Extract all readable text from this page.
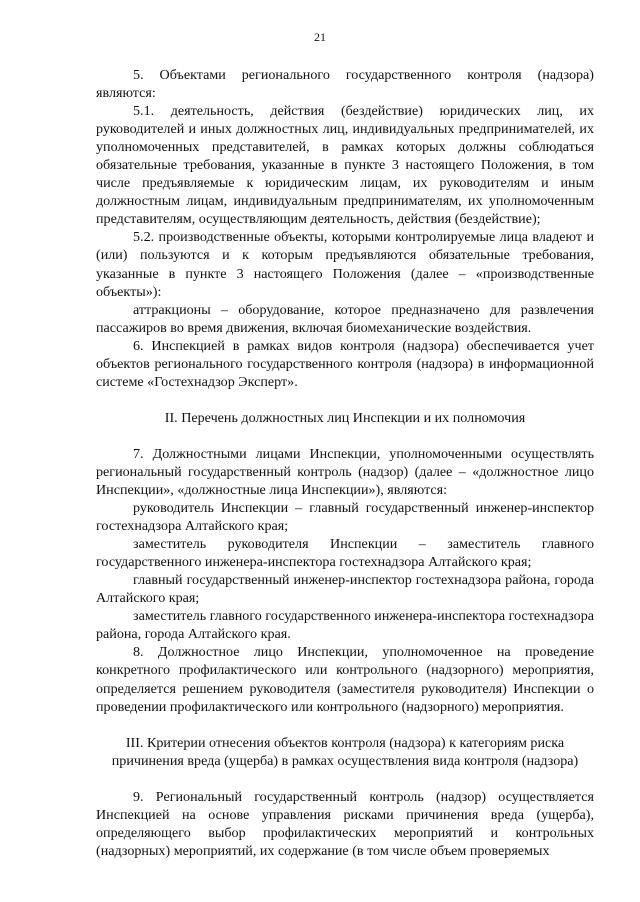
21

5. Объектами регионального государственного контроля (надзора) являются:

5.1. деятельность, действия (бездействие) юридических лиц, их руководителей и иных должностных лиц, индивидуальных предпринимателей, их уполномоченных представителей, в рамках которых должны соблюдаться обязательные требования, указанные в пункте 3 настоящего Положения, в том числе предъявляемые к юридическим лицам, их руководителям и иным должностным лицам, индивидуальным предпринимателям, их уполномоченным представителям, осуществляющим деятельность, действия (бездействие);

5.2. производственные объекты, которыми контролируемые лица владеют и (или) пользуются и к которым предъявляются обязательные требования, указанные в пункте 3 настоящего Положения (далее – «производственные объекты»):

аттракционы – оборудование, которое предназначено для развлечения пассажиров во время движения, включая биомеханические воздействия.

6. Инспекцией в рамках видов контроля (надзора) обеспечивается учет объектов регионального государственного контроля (надзора) в информационной системе «Гостехнадзор Эксперт».

II. Перечень должностных лиц Инспекции и их полномочия

7. Должностными лицами Инспекции, уполномоченными осуществлять региональный государственный контроль (надзор) (далее – «должностное лицо Инспекции», «должностные лица Инспекции»), являются:

руководитель Инспекции – главный государственный инженер-инспектор гостехнадзора Алтайского края;

заместитель руководителя Инспекции – заместитель главного государственного инженера-инспектора гостехнадзора Алтайского края;

главный государственный инженер-инспектор гостехнадзора района, города Алтайского края;

заместитель главного государственного инженера-инспектора гостехнадзора района, города Алтайского края.

8. Должностное лицо Инспекции, уполномоченное на проведение конкретного профилактического или контрольного (надзорного) мероприятия, определяется решением руководителя (заместителя руководителя) Инспекции о проведении профилактического или контрольного (надзорного) мероприятия.

III. Критерии отнесения объектов контроля (надзора) к категориям риска причинения вреда (ущерба) в рамках осуществления вида контроля (надзора)

9. Региональный государственный контроль (надзор) осуществляется Инспекцией на основе управления рисками причинения вреда (ущерба), определяющего выбор профилактических мероприятий и контрольных (надзорных) мероприятий, их содержание (в том числе объем проверяемых
